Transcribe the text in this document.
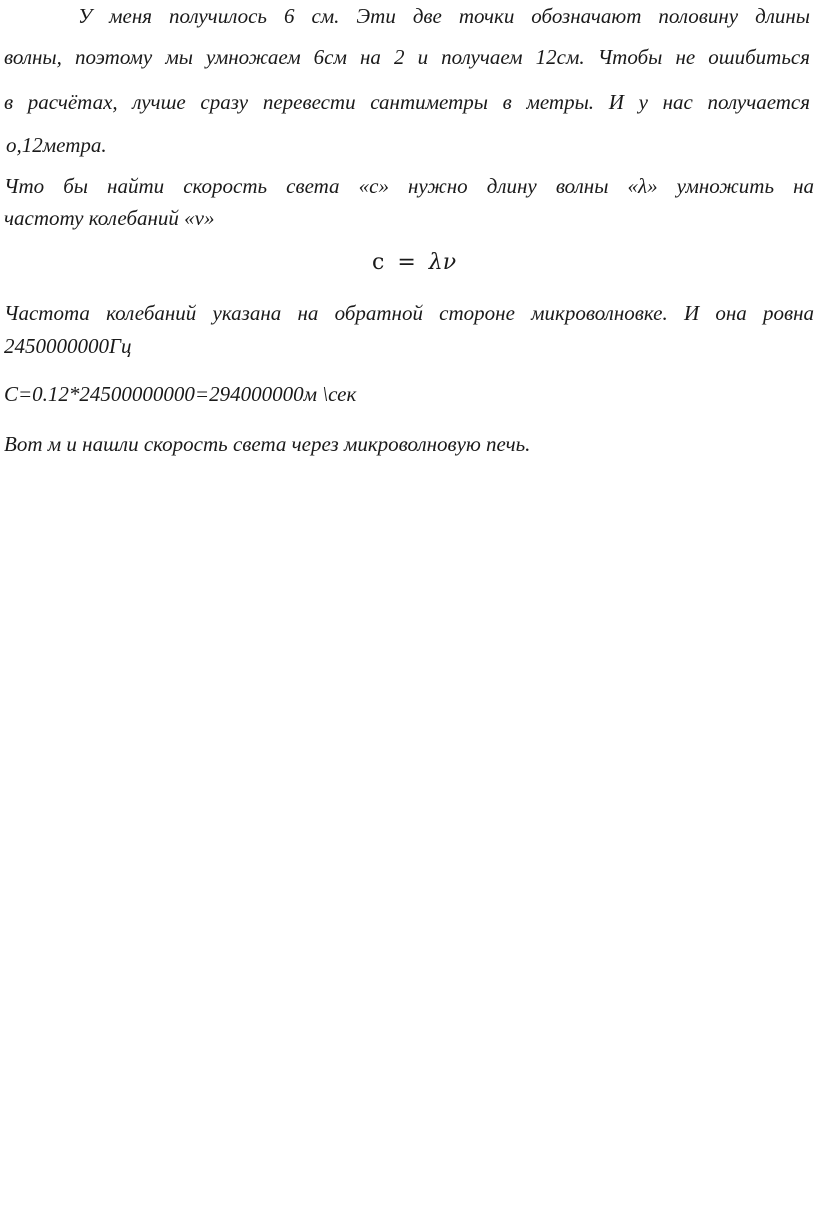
У меня получилось 6 см. Эти две точки обозначают половину длины
волны, поэтому мы умножаем 6см на 2 и получаем 12см. Чтобы не ошибиться
в расчётах, лучше сразу перевести сантиметры в метры. И у нас получается
о,12метра.
Что бы найти скорость света «c» нужно длину волны «λ» умножить на
частоту колебаний «ν»
c = λν
Частота колебаний указана на обратной стороне микроволновке. И она ровна
2450000000Гц
С=0.12*24500000000=294000000м \сек
Вот м и нашли скорость света через микроволновую печь.
